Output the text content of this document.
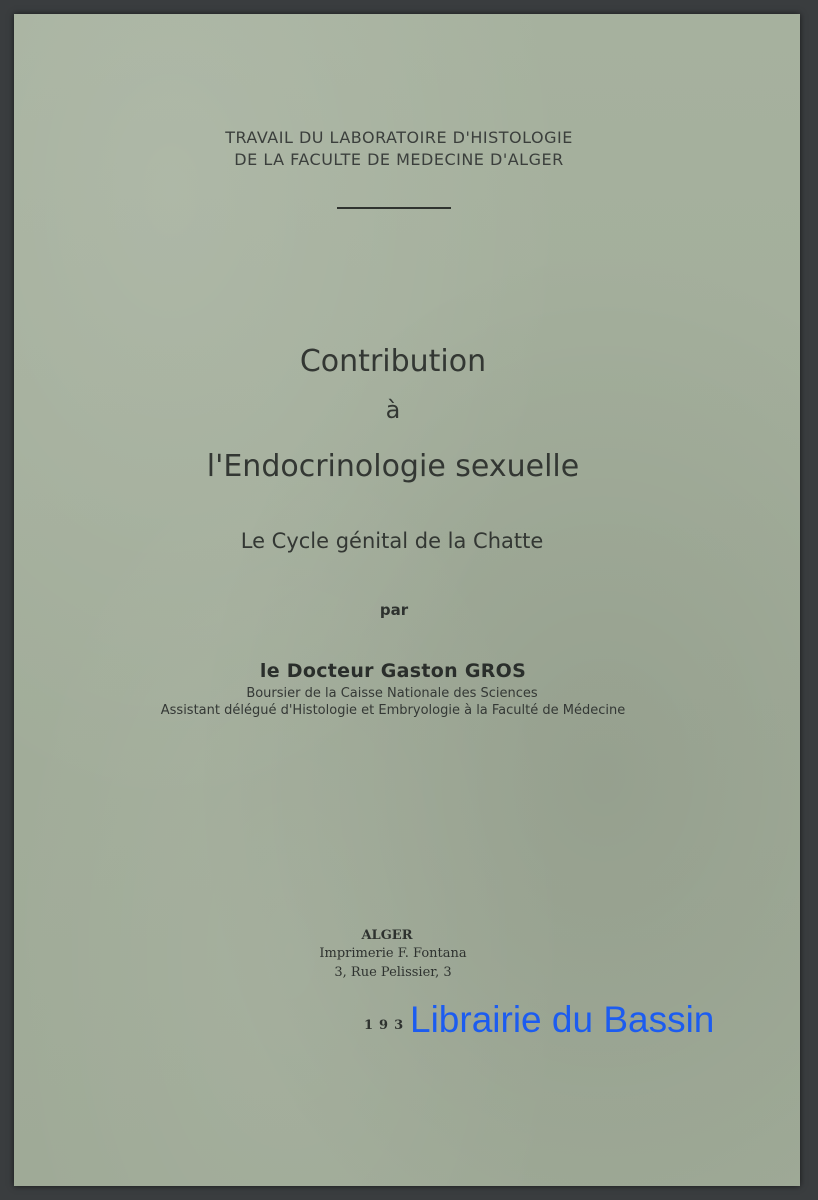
TRAVAIL DU LABORATOIRE D'HISTOLOGIE
DE LA FACULTE DE MEDECINE D'ALGER
Contribution
à
l'Endocrinologie sexuelle
Le Cycle génital de la Chatte
par
le Docteur Gaston GROS
Boursier de la Caisse Nationale des Sciences
Assistant délégué d'Histologie et Embryologie à la Faculté de Médecine
ALGER
Imprimerie F. Fontana
3, Rue Pelissier, 3
193 Librairie du Bassin
